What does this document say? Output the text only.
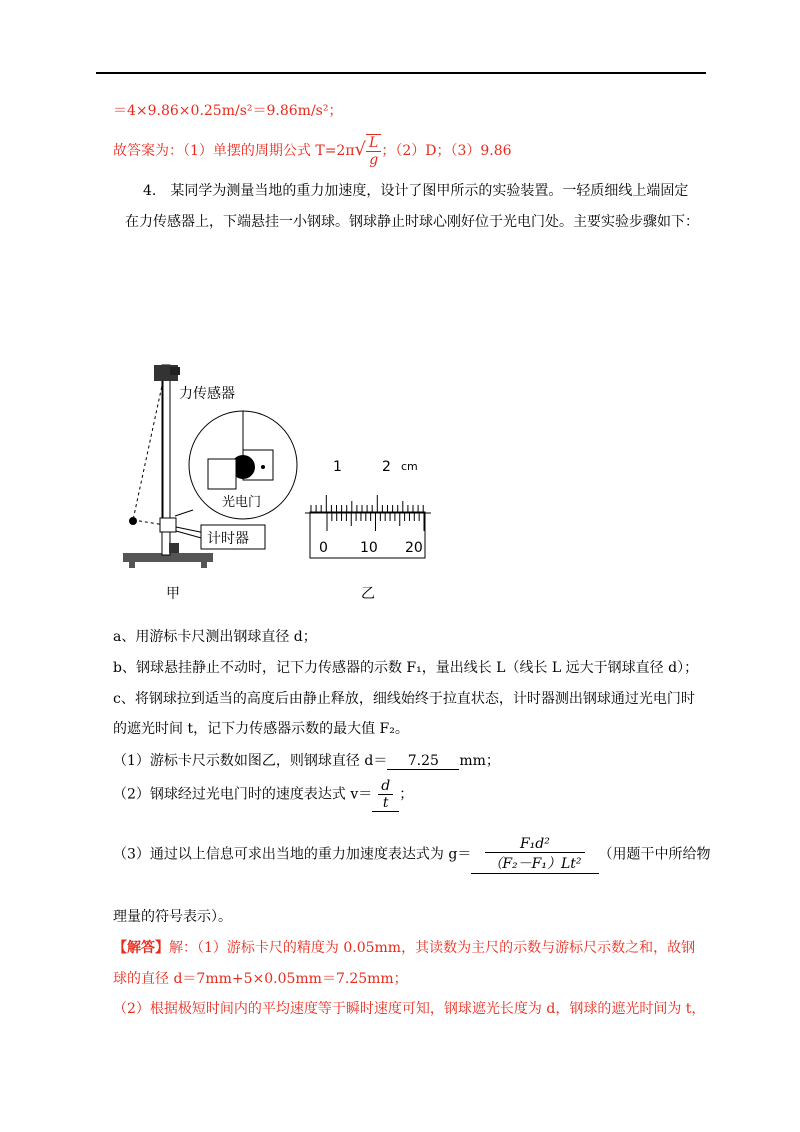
＝4×9.86×0.25m/s²＝9.86m/s²；
故答案为：（1）单摆的周期公式 $T=2\pi√ \frac{L}{g}$ ；（2）D；（3）9.86
4.　某同学为测量当地的重力加速度，设计了图甲所示的实验装置。一轻质细线上端固定
在力传感器上，下端悬挂一小钢球。钢球静止时球心刚好位于光电门处。主要实验步骤如下：
力传感器
光电门
计时器
甲	乙
1	2 cm
0 10 20
a、用游标卡尺测出钢球直径 d；
b、钢球悬挂静止不动时，记下力传感器的示数 F₁，量出线长 L（线长 L 远大于钢球直径 d）；
c、将钢球拉到适当的高度后由静止释放，细线始终于拉直状态，计时器测出钢球通过光电门时
的遮光时间 t，记下力传感器示数的最大值 F₂。
（1）游标卡尺示数如图乙，则钢球直径 d＝ 7.25 mm；
（2）钢球经过光电门时的速度表达式 $v= \frac{d}{t}$ ；
（3）通过以上信息可求出当地的重力加速度表达式为 $g= \frac{\text{F₁d²}}{\text{（F₂－F₁）Lt²}}$ （用题干中所给物
理量的符号表示）。
【解答】解：（1）游标卡尺的精度为 0.05mm，其读数为主尺的示数与游标尺示数之和，故钢
球的直径 d＝7mm+5×0.05mm＝7.25mm；
（2）根据极短时间内的平均速度等于瞬时速度可知，钢球遮光长度为 d，钢球的遮光时间为 t，
